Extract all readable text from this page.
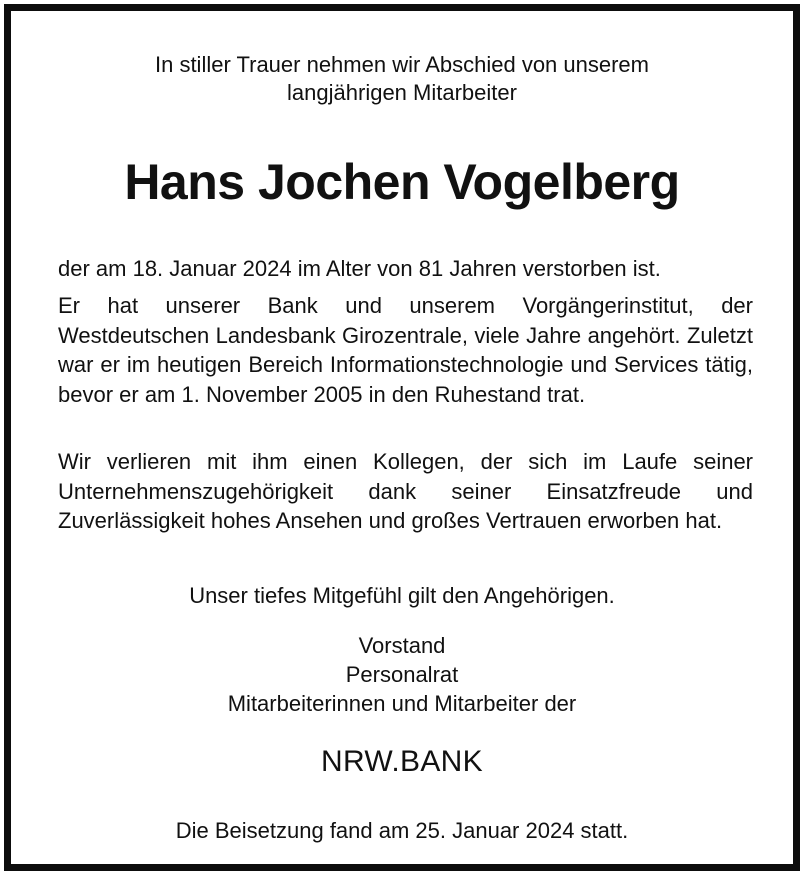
In stiller Trauer nehmen wir Abschied von unserem
langjährigen Mitarbeiter
Hans Jochen Vogelberg
der am 18. Januar 2024 im Alter von 81 Jahren verstorben ist.
Er hat unserer Bank und unserem Vorgängerinstitut, der Westdeutschen Landesbank Girozentrale, viele Jahre angehört. Zuletzt war er im heutigen Bereich Informationstechnologie und Services tätig, bevor er am 1. November 2005 in den Ruhestand trat.
Wir verlieren mit ihm einen Kollegen, der sich im Laufe seiner Unternehmenszugehörigkeit dank seiner Einsatzfreude und Zuverlässigkeit hohes Ansehen und großes Vertrauen erworben hat.
Unser tiefes Mitgefühl gilt den Angehörigen.
Vorstand
Personalrat
Mitarbeiterinnen und Mitarbeiter der
NRW.BANK
Die Beisetzung fand am 25. Januar 2024 statt.
